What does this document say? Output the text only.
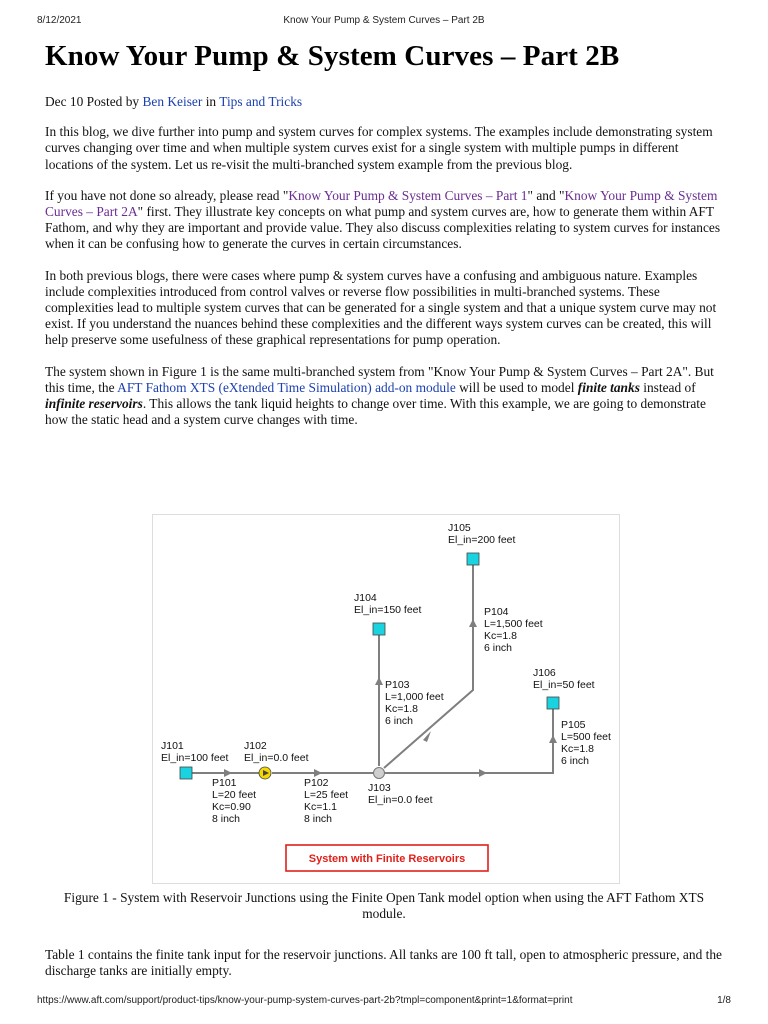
8/12/2021	Know Your Pump & System Curves – Part 2B
Know Your Pump & System Curves – Part 2B

Dec 10 Posted by Ben Keiser in Tips and Tricks

In this blog, we dive further into pump and system curves for complex systems. The examples include demonstrating system curves changing over time and when multiple system curves exist for a single system with multiple pumps in different locations of the system. Let us re-visit the multi-branched system example from the previous blog.

If you have not done so already, please read "Know Your Pump & System Curves – Part 1" and "Know Your Pump & System Curves – Part 2A" first. They illustrate key concepts on what pump and system curves are, how to generate them within AFT Fathom, and why they are important and provide value. They also discuss complexities relating to system curves for instances when it can be confusing how to generate the curves in certain circumstances.

In both previous blogs, there were cases where pump & system curves have a confusing and ambiguous nature. Examples include complexities introduced from control valves or reverse flow possibilities in multi-branched systems. These complexities lead to multiple system curves that can be generated for a single system and that a unique system curve may not exist. If you understand the nuances behind these complexities and the different ways system curves can be created, this will help preserve some usefulness of these graphical representations for pump operation.

The system shown in Figure 1 is the same multi-branched system from "Know Your Pump & System Curves – Part 2A". But this time, the AFT Fathom XTS (eXtended Time Simulation) add-on module will be used to model finite tanks instead of infinite reservoirs. This allows the tank liquid heights to change over time. With this example, we are going to demonstrate how the static head and a system curve changes with time.

J105
El_in=200 feet
J104
El_in=150 feet	P104
L=1,500 feet
Kc=1.8
6 inch
J106
El_in=50 feet
P103
L=1,000 feet
Kc=1.8
6 inch	P105
L=500 feet
Kc=1.8
6 inch
J101
El_in=100 feet
J102
El_in=0.0 feet
P101
L=20 feet
Kc=0.90
8 inch
P102
L=25 feet
Kc=1.1
8 inch
J103
El_in=0.0 feet
System with Finite Reservoirs
Figure 1 - System with Reservoir Junctions using the Finite Open Tank model option when using the AFT Fathom XTS module.
Table 1 contains the finite tank input for the reservoir junctions. All tanks are 100 ft tall, open to atmospheric pressure, and the discharge tanks are initially empty.
https://www.aft.com/support/product-tips/know-your-pump-system-curves-part-2b?tmpl=component&print=1&format=print	1/8
